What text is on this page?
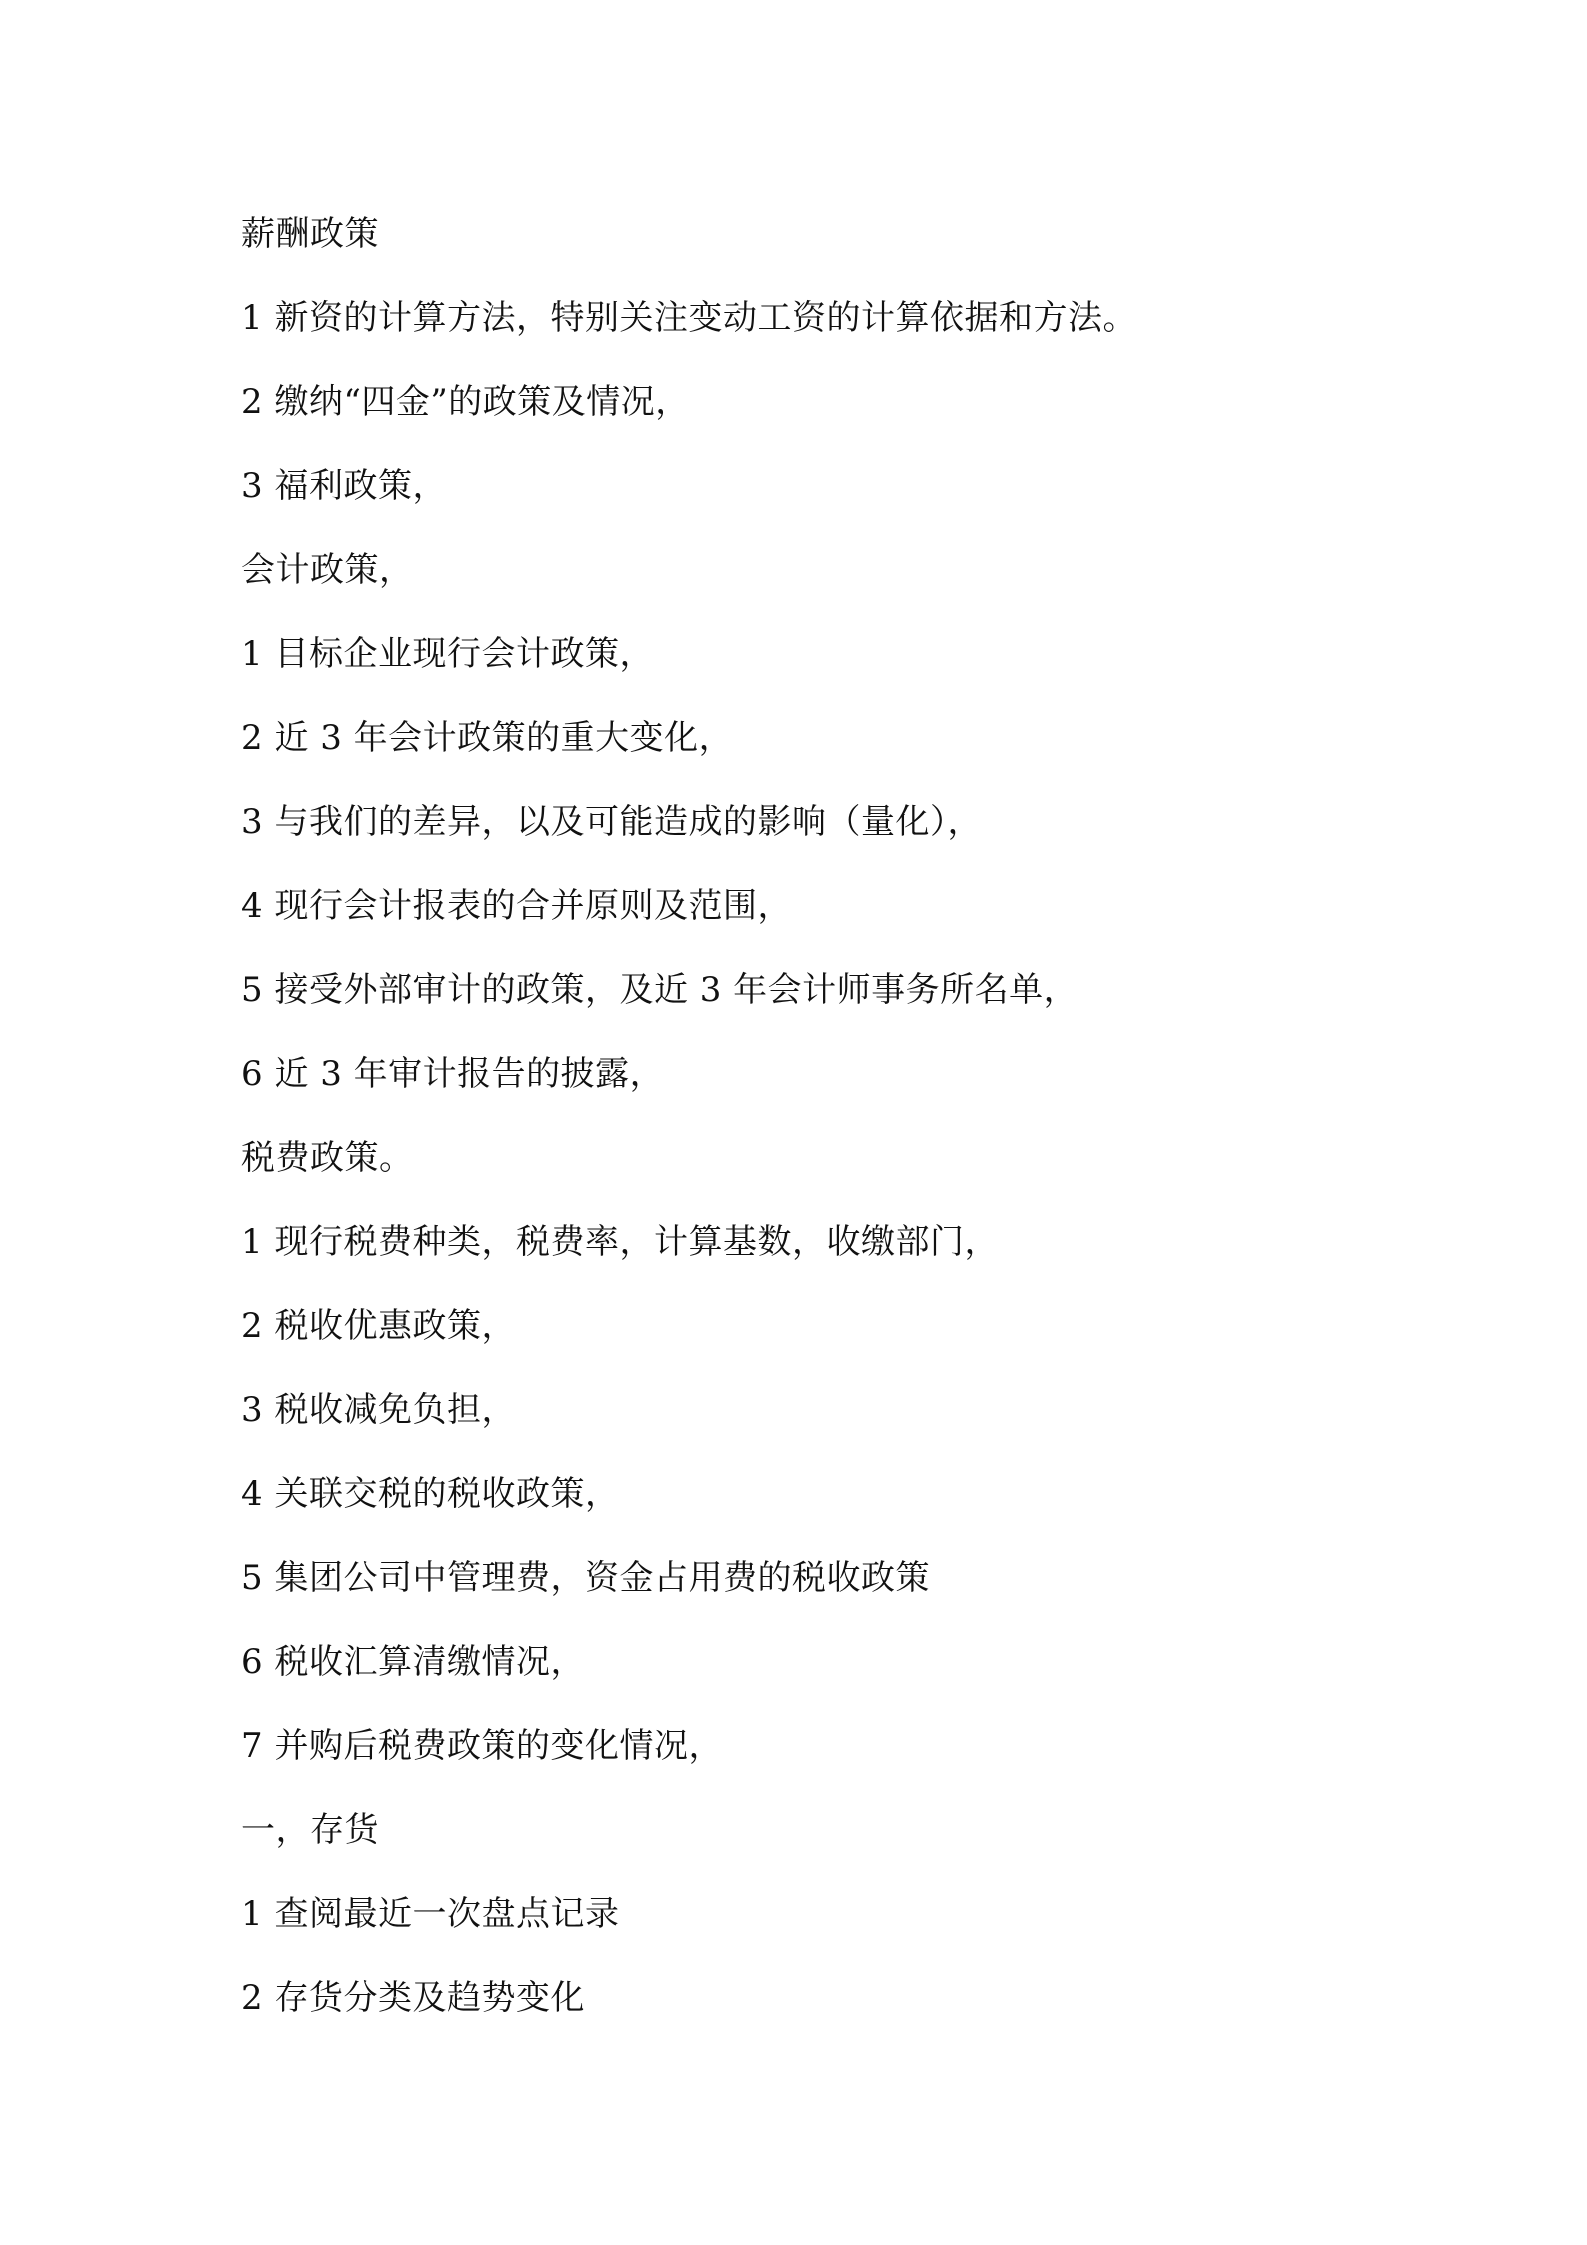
薪酬政策
1 新资的计算方法，特别关注变动工资的计算依据和方法。
2 缴纳“四金”的政策及情况，
3 福利政策，
会计政策，
1 目标企业现行会计政策，
2 近 3 年会计政策的重大变化，
3 与我们的差异，以及可能造成的影响（量化），
4 现行会计报表的合并原则及范围，
5 接受外部审计的政策，及近 3 年会计师事务所名单，
6 近 3 年审计报告的披露，
税费政策。
1 现行税费种类，税费率，计算基数，收缴部门，
2 税收优惠政策，
3 税收减免负担，
4 关联交税的税收政策，
5 集团公司中管理费，资金占用费的税收政策
6 税收汇算清缴情况，
7 并购后税费政策的变化情况，
一，存货
1 查阅最近一次盘点记录
2 存货分类及趋势变化
